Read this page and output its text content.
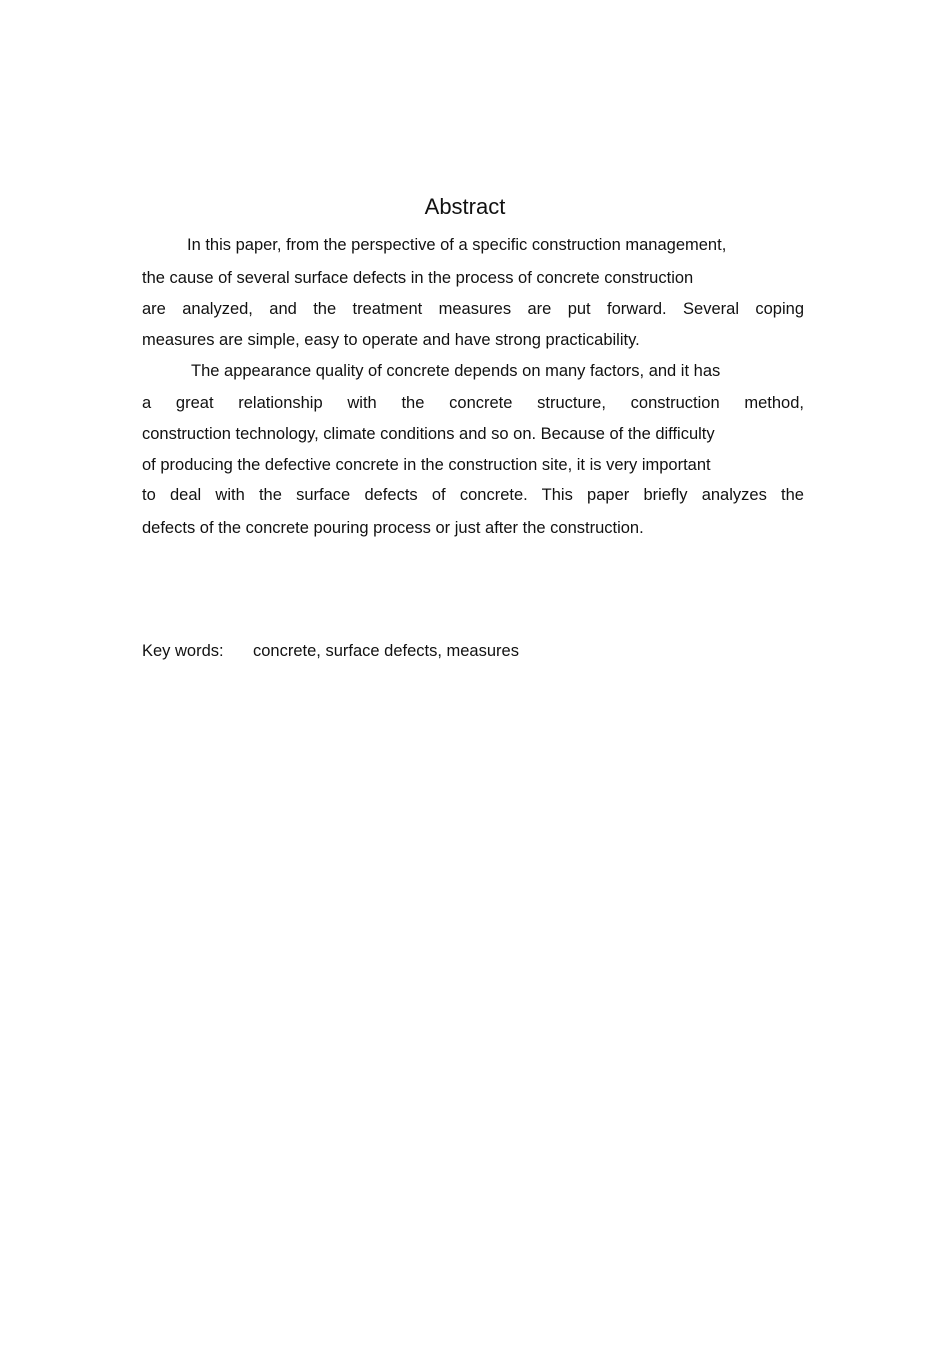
Abstract
In this paper, from the perspective of a specific construction management,
the cause of several surface defects in the process of concrete construction
are analyzed, and the treatment measures are put forward. Several coping
measures are simple, easy to operate and have strong practicability.
The appearance quality of concrete depends on many factors, and it has
a great relationship with the concrete structure, construction method,
construction technology, climate conditions and so on. Because of the difficulty
of producing the defective concrete in the construction site, it is very important
to deal with the surface defects of concrete. This paper briefly analyzes the
defects of the concrete pouring process or just after the construction.
Key words: concrete, surface defects, measures
